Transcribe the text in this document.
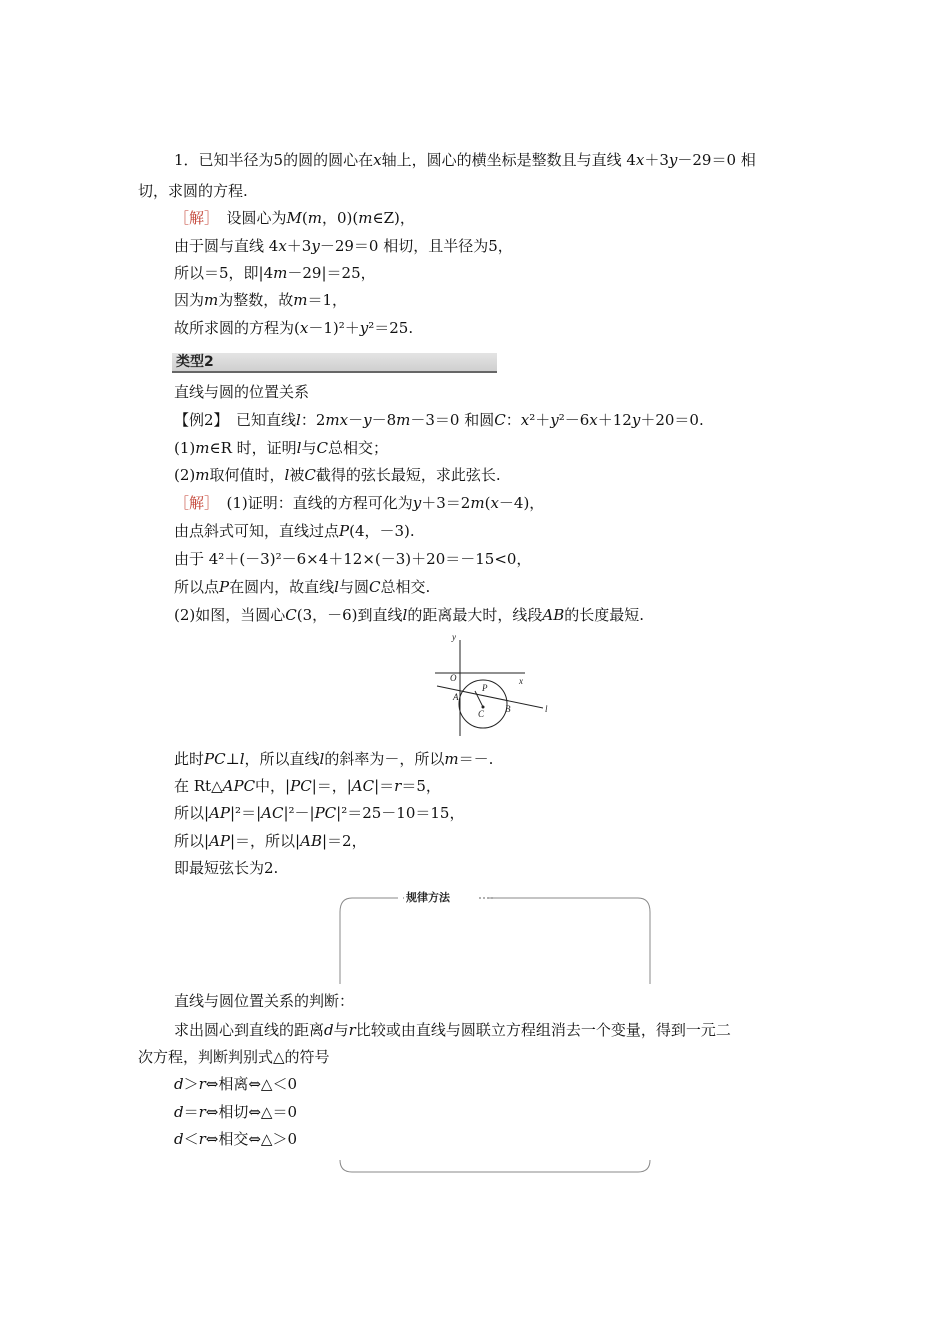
1．已知半径为5的圆的圆心在x轴上，圆心的横坐标是整数且与直线 4x＋3y－29＝0 相
切，求圆的方程.
［解］　设圆心为M(m，0)(m∈Z)，
由于圆与直线 4x＋3y－29＝0 相切，且半径为5，
所以＝5，即|4m－29|＝25，
因为m为整数，故m＝1，
故所求圆的方程为(x－1)²＋y²＝25.
类型2
直线与圆的位置关系
【例2】　已知直线l：2mx－y－8m－3＝0 和圆C：x²＋y²－6x＋12y＋20＝0.
(1)m∈R 时，证明l与C总相交；
(2)m取何值时，l被C截得的弦长最短，求此弦长.
［解］　(1)证明：直线的方程可化为y＋3＝2m(x－4)，
由点斜式可知，直线过点P(4，－3).
由于 4²＋(－3)²－6×4＋12×(－3)＋20＝－15<0，
所以点P在圆内，故直线l与圆C总相交.
(2)如图，当圆心C(3，－6)到直线l的距离最大时，线段AB的长度最短.
y
x
O
A
P
C B	l
此时PC⊥l，所以直线l的斜率为－，所以m＝－.
在 Rt△APC中，|PC|＝，|AC|＝r＝5，
所以|AP|²＝|AC|²－|PC|²＝25－10＝15，
所以|AP|＝，所以|AB|＝2，
即最短弦长为2.
规律方法
直线与圆位置关系的判断：
求出圆心到直线的距离d与r比较或由直线与圆联立方程组消去一个变量，得到一元二
次方程，判断判别式△的符号
d＞r⇔相离⇔△＜0
d＝r⇔相切⇔△＝0
d＜r⇔相交⇔△＞0
